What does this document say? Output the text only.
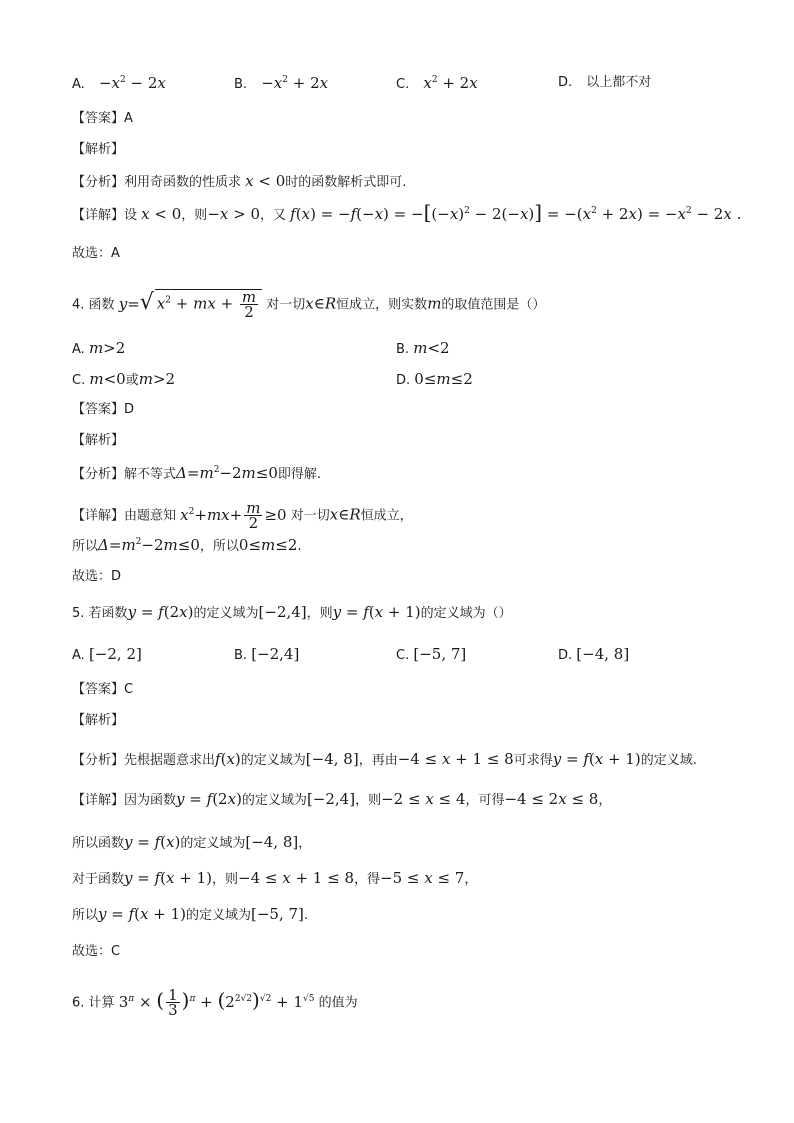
A. $-x^2 - 2x$	B. $-x^2 + 2x$	C. $x^2 + 2x$	D. 以上都不对
【答案】A
【解析】
【分析】利用奇函数的性质求 x < 0时的函数解析式即可.
【详解】设 x < 0，则−x > 0，又 $f(x) = -f(-x) = -[(-x)^2 - 2(-x)] = -(x^2 + 2x) = -x^2 - 2x$ .
故选：A
4. 函数 y=√ $x^2$ + mx + $\frac{m}{2}$ 对一切x∈R恒成立，则实数m的取值范围是（）
A. m>2	B. m<2
C. m<0或m>2	D. 0≤m≤2
【答案】D
【解析】
【分析】解不等式$\Delta=m^2-2m\le 0$即得解.
【详解】由题意知 $x^2+mx+ \frac{m}{2} \ge 0$ 对一切x∈R恒成立，
所以$\Delta=m^2-2m\le 0$，所以0≤m≤2.
故选：D
5. 若函数y = f(2x)的定义域为[−2,4]，则y = f(x + 1)的定义域为（）
A. [−2, 2]	B. [−2,4]	C. [−5, 7]	D. [−4, 8]
【答案】C
【解析】
【分析】先根据题意求出f(x)的定义域为[−4, 8]，再由−4 ≤ x + 1 ≤ 8可求得y = f(x + 1)的定义域.
【详解】因为函数y = f(2x)的定义域为[−2,4]，则−2 ≤ x ≤ 4，可得−4 ≤ 2x ≤ 8，
所以函数y = f(x)的定义域为[−4, 8]，
对于函数y = f(x + 1)，则−4 ≤ x + 1 ≤ 8，得−5 ≤ x ≤ 7，
所以y = f(x + 1)的定义域为[−5, 7].
故选：C
6. 计算 $3^\pi$ × ( $\frac{1}{3} )^\pi + (2^{2√2})^{√2} + 1^{√5}$ 的值为
